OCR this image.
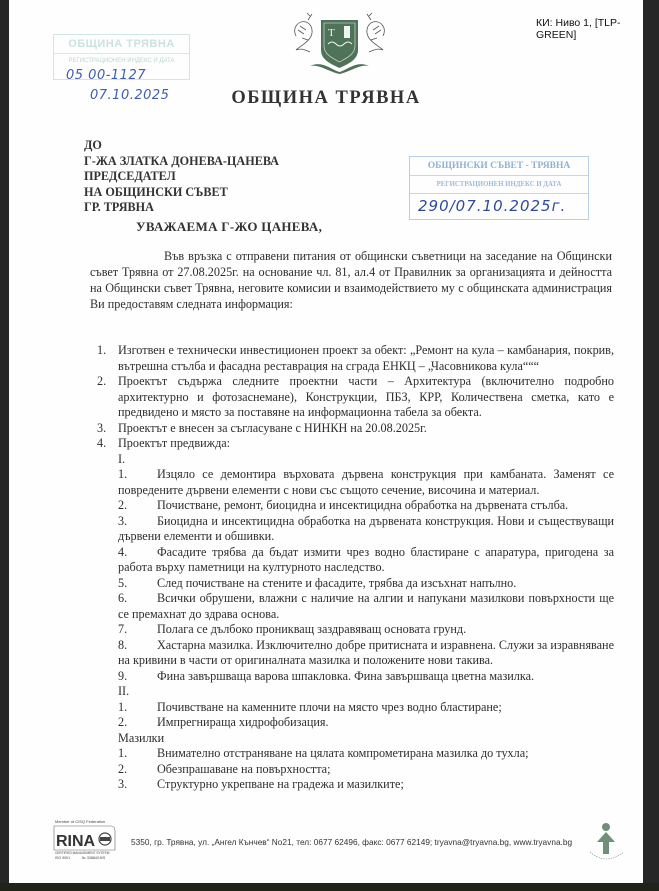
КИ: Ниво 1, [TLP-GREEN]
ОБЩИНА ТРЯВНА
РЕГИСТРАЦИОНЕН ИНДЕКС И ДАТА
05 00-1127
07.10.2025
T
ОБЩИНА ТРЯВНА
ДО
Г-ЖА ЗЛАТКА ДОНЕВА-ЦАНЕВА
ПРЕДСЕДАТЕЛ
НА ОБЩИНСКИ СЪВЕТ
ГР. ТРЯВНА
ОБЩИНСКИ СЪВЕТ - ТРЯВНА
РЕГИСТРАЦИОНЕН ИНДЕКС И ДАТА
290/07.10.2025г.
УВАЖАЕМА Г-ЖО ЦАНЕВА,
Във връзка с отправени питания от общински съветници на заседание на Общински съвет Трявна от 27.08.2025г. на основание чл. 81, ал.4 от Правилник за организацията и дейността на Общински съвет Трявна, неговите комисии и взаимодействието му с общинската администрация Ви предоставям следната информация:
1. Изготвен е технически инвестиционен проект за обект: „Ремонт на кула – камбанария, покрив, вътрешна стълба и фасадна реставрация на сграда ЕНКЦ – „Часовникова кула“““
2. Проектът съдържа следните проектни части – Архитектура (включително подробно архитектурно и фотозаснемане), Конструкции, ПБЗ, КРР, Количествена сметка, като е предвидено и място за поставяне на информационна табела за обекта.
3. Проектът е внесен за съгласуване с НИНКН на 20.08.2025г.
4. Проектът предвижда:
I.
1. Изцяло се демонтира върховата дървена конструкция при камбаната. Заменят се повредените дървени елементи с нови със същото сечение, височина и материал.
2. Почистване, ремонт, биоцидна и инсектицидна обработка на дървената стълба.
3. Биоцидна и инсектицидна обработка на дървената конструкция. Нови и съществуващи дървени елементи и обшивки.
4. Фасадите трябва да бъдат измити чрез водно бластиране с апаратура, пригодена за работа върху паметници на културното наследство.
5. След почистване на стените и фасадите, трябва да изсъхнат напълно.
6. Всички обрушени, влажни с наличие на алгии и напукани мазилкови повърхности ще се премахнат до здрава основа.
7. Полага се дълбоко проникващ заздравяващ основата грунд.
8. Хастарна мазилка. Изключително добре притисната и изравнена. Служи за изравняване на кривини в части от оригиналната мазилка и положените нови такива.
9. Фина завършваща варова шпакловка. Фина завършваща цветна мазилка.
II.
1. Почивстване на каменните плочи на място чрез водно бластиране;
2. Импрегнираща хидрофобизация.
Мазилки
1. Внимателно отстраняване на цялата компрометирана мазилка до тухла;
2. Обезпрашаване на повърхността;
3. Структурно укрепване на градежа и мазилките;
Member of CISQ Federation
RINA
CERTIFIED MANAGEMENT SYSTEM
ISO 9001	№ 33884/15/S
5350, гр. Трявна, ул. „Ангел Кънчев“ No21, тел: 0677 62496, факс: 0677 62149; tryavna@tryavna.bg, www.tryavna.bg
